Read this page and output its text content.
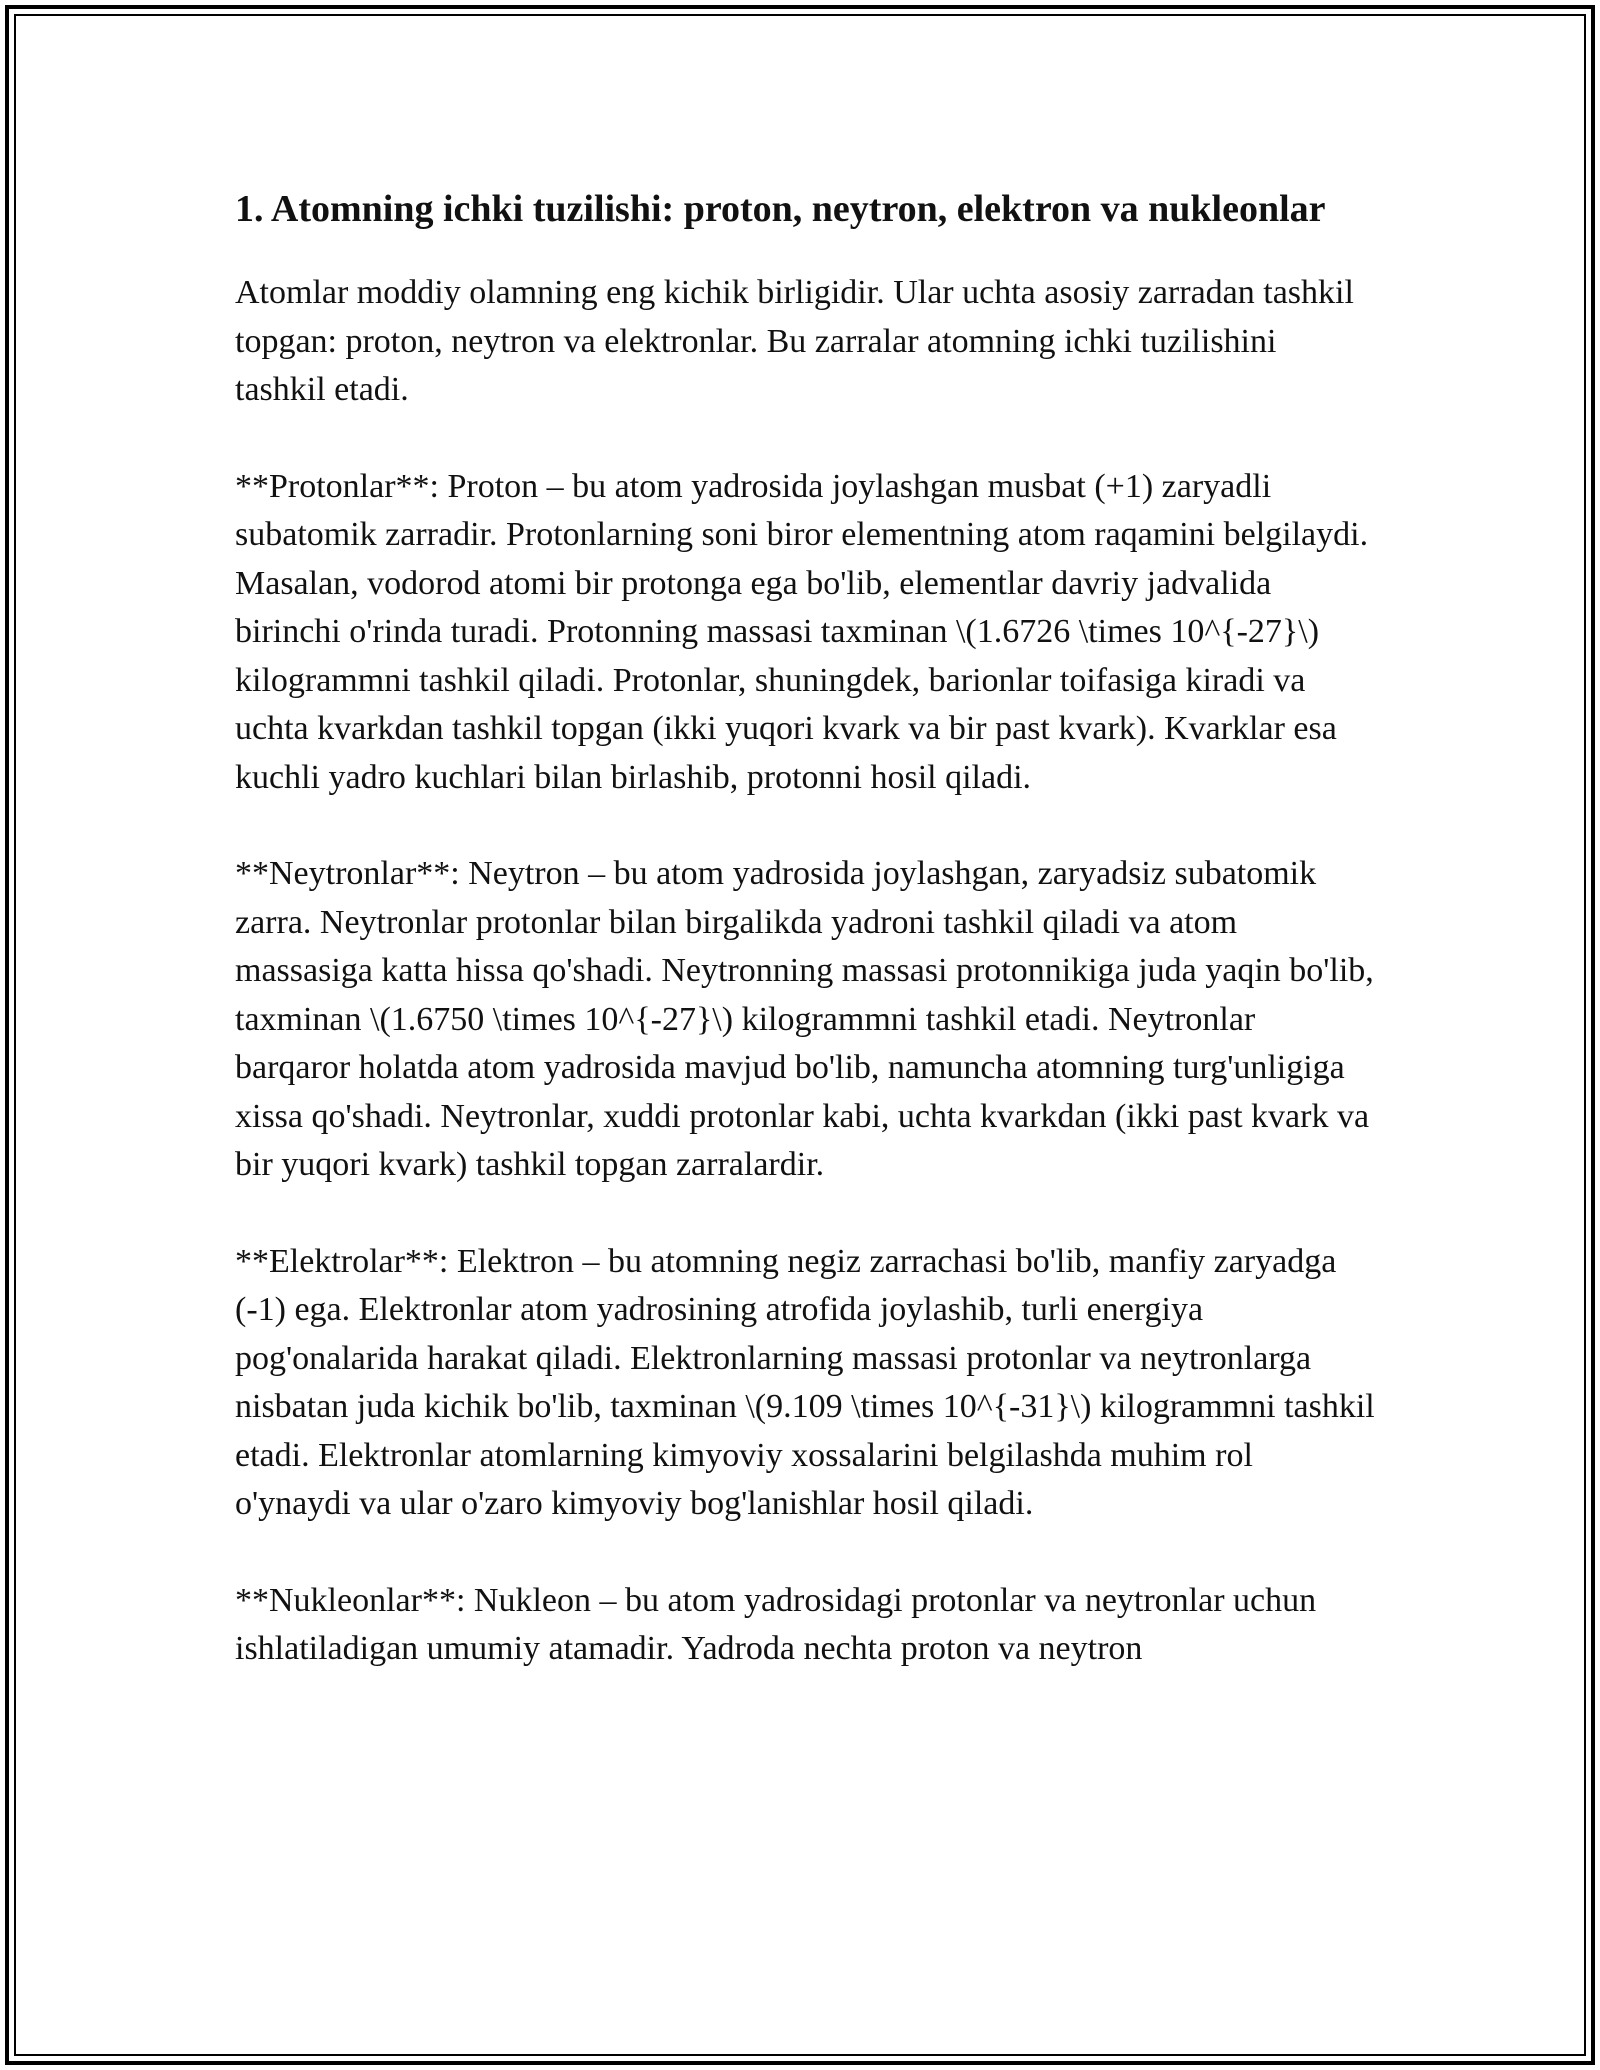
1. Atomning ichki tuzilishi: proton, neytron, elektron va nukleonlar

Atomlar moddiy olamning eng kichik birligidir. Ular uchta asosiy zarradan tashkil topgan: proton, neytron va elektronlar. Bu zarralar atomning ichki tuzilishini tashkil etadi.

**Protonlar**: Proton – bu atom yadrosida joylashgan musbat (+1) zaryadli subatomik zarradir. Protonlarning soni biror elementning atom raqamini belgilaydi. Masalan, vodorod atomi bir protonga ega bo'lib, elementlar davriy jadvalida birinchi o'rinda turadi. Protonning massasi taxminan \(1.6726 \times 10^{-27}\) kilogrammni tashkil qiladi. Protonlar, shuningdek, barionlar toifasiga kiradi va uchta kvarkdan tashkil topgan (ikki yuqori kvark va bir past kvark). Kvarklar esa kuchli yadro kuchlari bilan birlashib, protonni hosil qiladi.

**Neytronlar**: Neytron – bu atom yadrosida joylashgan, zaryadsiz subatomik zarra. Neytronlar protonlar bilan birgalikda yadroni tashkil qiladi va atom massasiga katta hissa qo'shadi. Neytronning massasi protonnikiga juda yaqin bo'lib, taxminan \(1.6750 \times 10^{-27}\) kilogrammni tashkil etadi. Neytronlar barqaror holatda atom yadrosida mavjud bo'lib, namuncha atomning turg'unligiga xissa qo'shadi. Neytronlar, xuddi protonlar kabi, uchta kvarkdan (ikki past kvark va bir yuqori kvark) tashkil topgan zarralardir.

**Elektrolar**: Elektron – bu atomning negiz zarrachasi bo'lib, manfiy zaryadga (-1) ega. Elektronlar atom yadrosining atrofida joylashib, turli energiya pog'onalarida harakat qiladi. Elektronlarning massasi protonlar va neytronlarga nisbatan juda kichik bo'lib, taxminan \(9.109 \times 10^{-31}\) kilogrammni tashkil etadi. Elektronlar atomlarning kimyoviy xossalarini belgilashda muhim rol o'ynaydi va ular o'zaro kimyoviy bog'lanishlar hosil qiladi.

**Nukleonlar**: Nukleon – bu atom yadrosidagi protonlar va neytronlar uchun ishlatiladigan umumiy atamadir. Yadroda nechta proton va neytron
